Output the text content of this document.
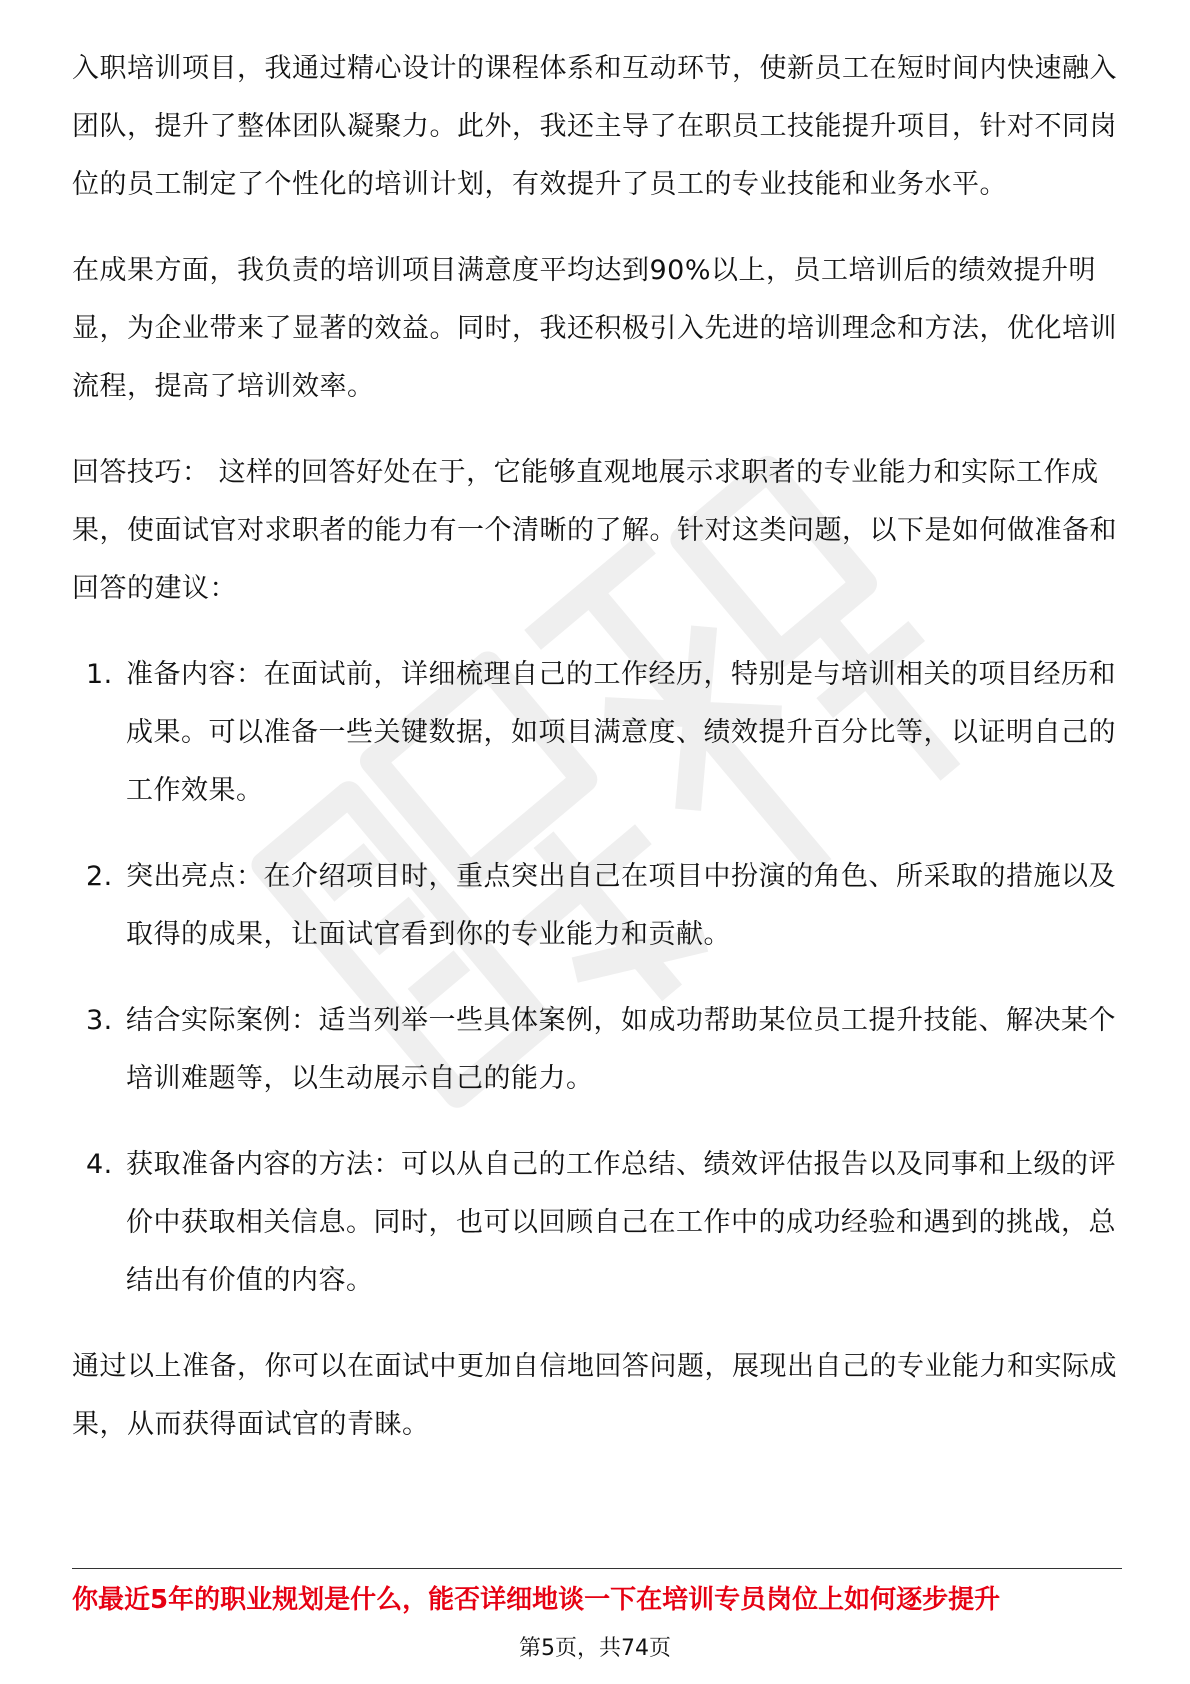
入职培训项目，我通过精心设计的课程体系和互动环节，使新员工在短时间内快速融入团队，提升了整体团队凝聚力。此外，我还主导了在职员工技能提升项目，针对不同岗位的员工制定了个性化的培训计划，有效提升了员工的专业技能和业务水平。

在成果方面，我负责的培训项目满意度平均达到90%以上，员工培训后的绩效提升明显，为企业带来了显著的效益。同时，我还积极引入先进的培训理念和方法，优化培训流程，提高了培训效率。

回答技巧： 这样的回答好处在于，它能够直观地展示求职者的专业能力和实际工作成果，使面试官对求职者的能力有一个清晰的了解。针对这类问题，以下是如何做准备和回答的建议：

1. 准备内容：在面试前，详细梳理自己的工作经历，特别是与培训相关的项目经历和成果。可以准备一些关键数据，如项目满意度、绩效提升百分比等，以证明自己的工作效果。
2. 突出亮点：在介绍项目时，重点突出自己在项目中扮演的角色、所采取的措施以及取得的成果，让面试官看到你的专业能力和贡献。
3. 结合实际案例：适当列举一些具体案例，如成功帮助某位员工提升技能、解决某个培训难题等，以生动展示自己的能力。
4. 获取准备内容的方法：可以从自己的工作总结、绩效评估报告以及同事和上级的评价中获取相关信息。同时，也可以回顾自己在工作中的成功经验和遇到的挑战，总结出有价值的内容。

通过以上准备，你可以在面试中更加自信地回答问题，展现出自己的专业能力和实际成果，从而获得面试官的青睐。

你最近5年的职业规划是什么，能否详细地谈一下在培训专员岗位上如何逐步提升
第5页，共74页
